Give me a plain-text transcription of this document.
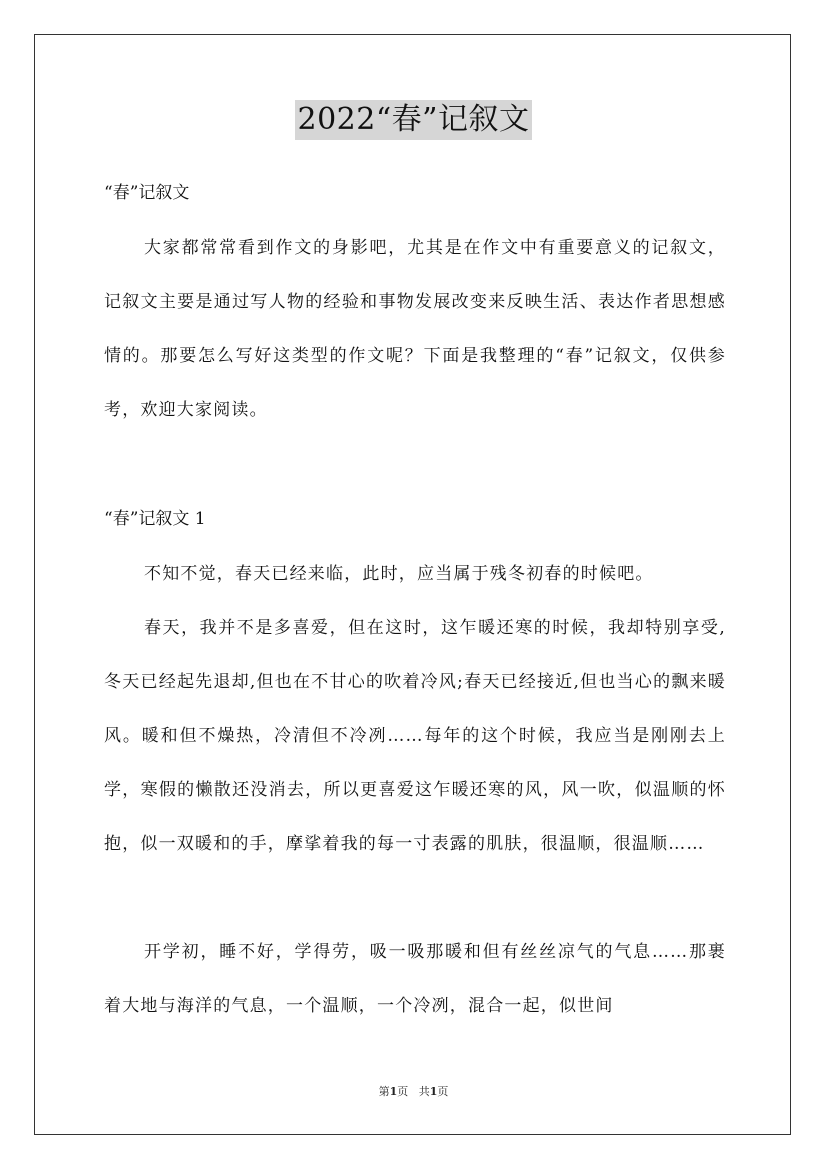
2022“春”记叙文

“春”记叙文

大家都常常看到作文的身影吧，尤其是在作文中有重要意义的记叙文，记叙文主要是通过写人物的经验和事物发展改变来反映生活、表达作者思想感情的。那要怎么写好这类型的作文呢？下面是我整理的“春”记叙文，仅供参考，欢迎大家阅读。

“春”记叙文 1

不知不觉，春天已经来临，此时，应当属于残冬初春的时候吧。

春天，我并不是多喜爱，但在这时，这乍暖还寒的时候，我却特别享受,冬天已经起先退却,但也在不甘心的吹着冷风;春天已经接近,但也当心的飘来暖风。暖和但不燥热，冷清但不冷冽……每年的这个时候，我应当是刚刚去上学，寒假的懒散还没消去，所以更喜爱这乍暖还寒的风，风一吹，似温顺的怀抱，似一双暖和的手，摩挲着我的每一寸表露的肌肤，很温顺，很温顺……

开学初，睡不好，学得劳，吸一吸那暖和但有丝丝凉气的气息……那裹着大地与海洋的气息，一个温顺，一个冷冽，混合一起，似世间

第1页 共1页
